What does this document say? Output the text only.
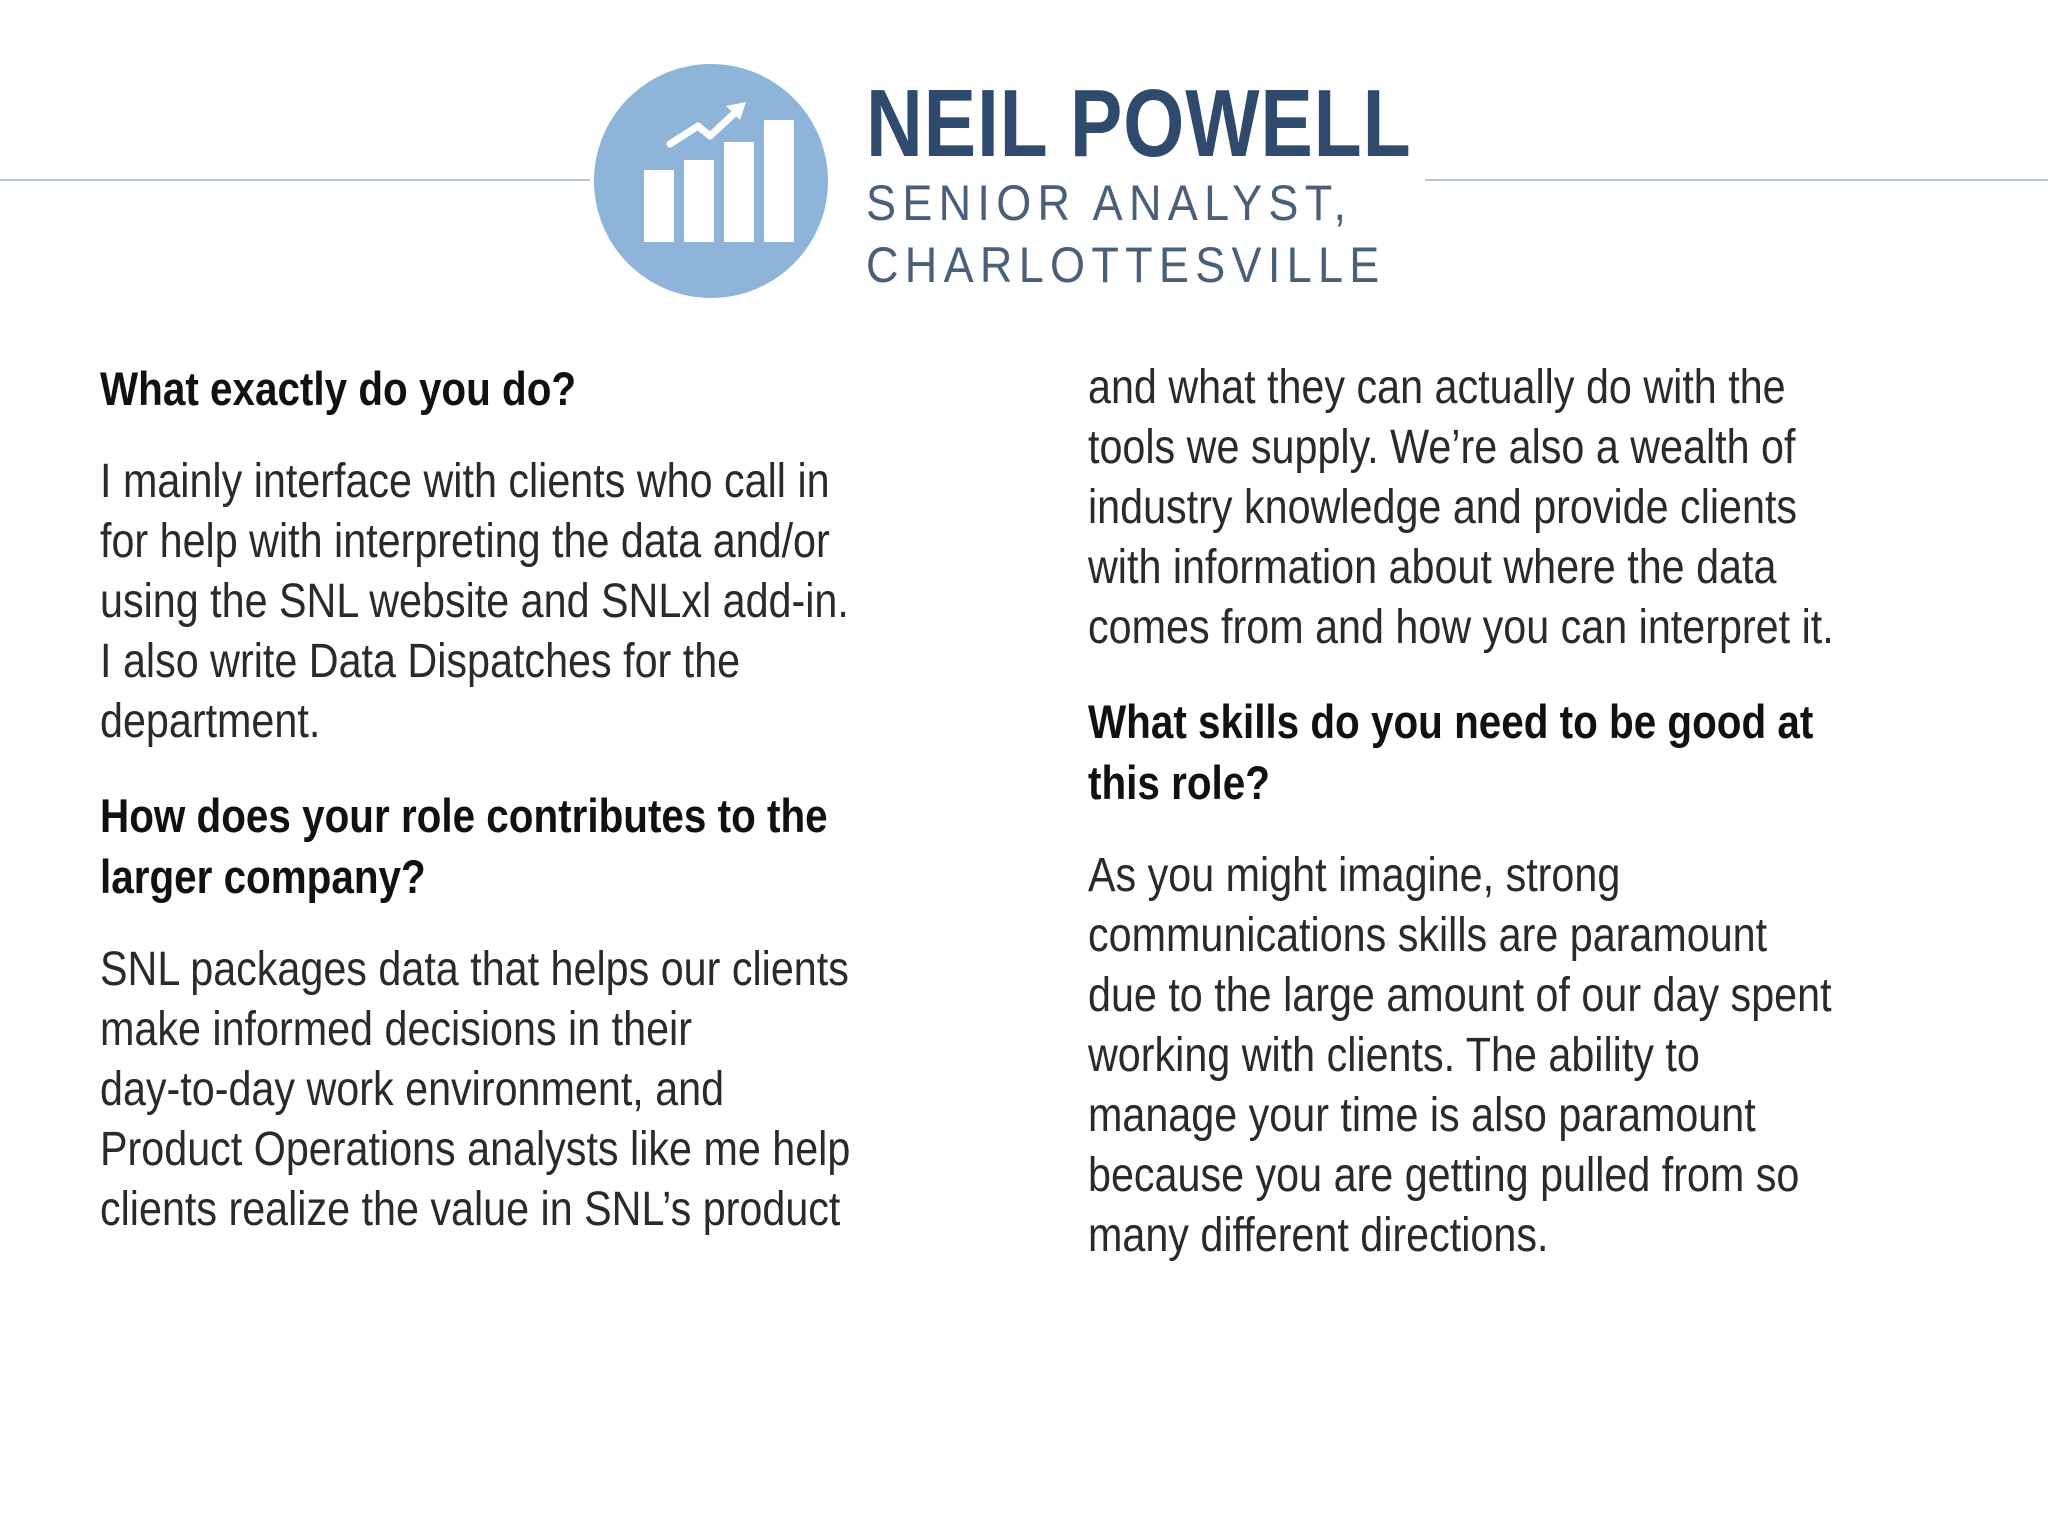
NEIL POWELL
SENIOR ANALYST,
CHARLOTTESVILLE
What exactly do you do?
I mainly interface with clients who call in
for help with interpreting the data and/or
using the SNL website and SNLxl add-in.
I also write Data Dispatches for the
department.
How does your role contributes to the
larger company?
SNL packages data that helps our clients
make informed decisions in their
day-to-day work environment, and
Product Operations analysts like me help
clients realize the value in SNL’s product
and what they can actually do with the
tools we supply. We’re also a wealth of
industry knowledge and provide clients
with information about where the data
comes from and how you can interpret it.
What skills do you need to be good at
this role?
As you might imagine, strong
communications skills are paramount
due to the large amount of our day spent
working with clients. The ability to
manage your time is also paramount
because you are getting pulled from so
many different directions.
